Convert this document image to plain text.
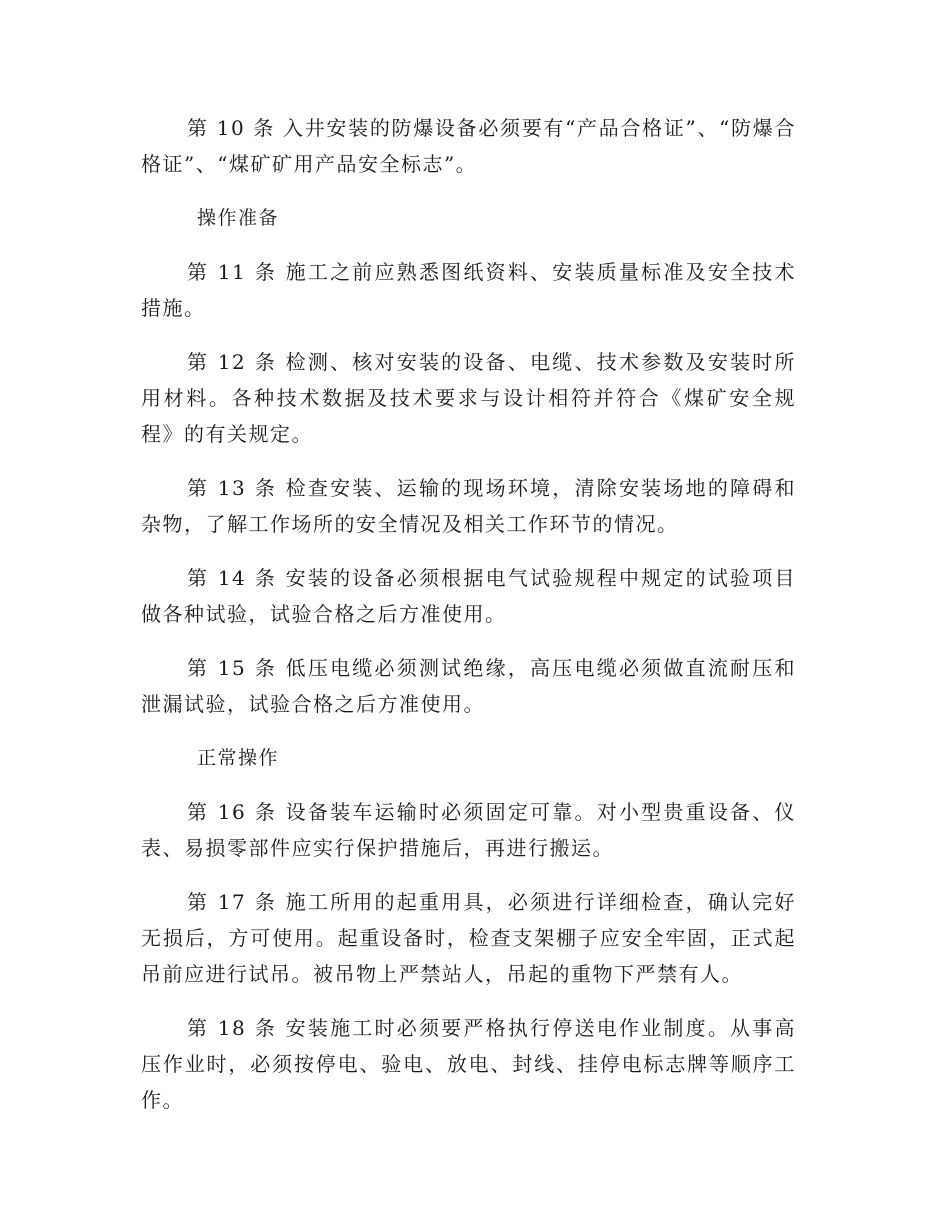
第 10 条 入井安装的防爆设备必须要有“产品合格证”、“防爆合格证”、“煤矿矿用产品安全标志”。

操作准备

第 11 条 施工之前应熟悉图纸资料、安装质量标准及安全技术措施。

第 12 条 检测、核对安装的设备、电缆、技术参数及安装时所用材料。各种技术数据及技术要求与设计相符并符合《煤矿安全规程》的有关规定。

第 13 条 检查安装、运输的现场环境，清除安装场地的障碍和杂物，了解工作场所的安全情况及相关工作环节的情况。

第 14 条 安装的设备必须根据电气试验规程中规定的试验项目做各种试验，试验合格之后方准使用。

第 15 条 低压电缆必须测试绝缘，高压电缆必须做直流耐压和泄漏试验，试验合格之后方准使用。

正常操作

第 16 条 设备装车运输时必须固定可靠。对小型贵重设备、仪表、易损零部件应实行保护措施后，再进行搬运。

第 17 条 施工所用的起重用具，必须进行详细检查，确认完好无损后，方可使用。起重设备时，检查支架棚子应安全牢固，正式起吊前应进行试吊。被吊物上严禁站人，吊起的重物下严禁有人。

第 18 条 安装施工时必须要严格执行停送电作业制度。从事高压作业时，必须按停电、验电、放电、封线、挂停电标志牌等顺序工作。
